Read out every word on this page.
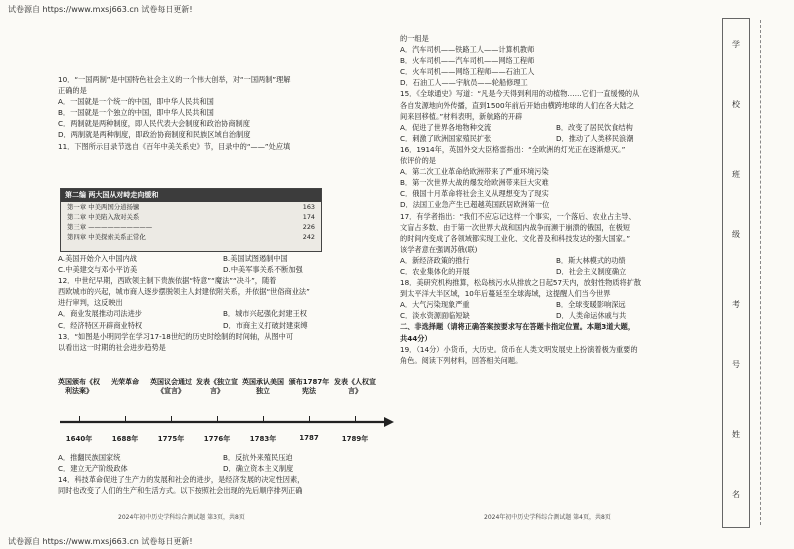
试卷源自 https://www.mxsj663.cn 试卷每日更新!
试卷源自 https://www.mxsj663.cn 试卷每日更新!

10．“一国两制”是中国特色社会主义的一个伟大创举，对“一国两制”理解

正确的是

A．一国就是一个统一的中国，即中华人民共和国

B．一国就是一个独立的中国，即中华人民共和国

C．两制就是两种制度，即人民代表大会制度和政治协商制度

D．两制就是两种制度，即政治协商制度和民族区域自治制度

11．下图所示目录节选自《百年中美关系史》节，目录中的“——”处应填

第二编 两大国从对峙走向缓和
第一章 中美两国分道扬镳	163
第二章 中美陷入敌对关系	174
第三章 ——————————	226
第四章 中美探索关系正常化	242

A.美国开始介入中国内战	B.美国试图遏制中国

C.中美建交与邓小平访美	D.中美军事关系不断加强

12．中世纪早期，西欧领主制下贵族依据“特意”“魔法”“决斗”，随着

西欧城市的兴起，城市商人逐步摆脱领主人封建依附关系，并依据“世俗商业法”

进行审判，这反映出

A．商业发展推动司法进步	B．城市兴起强化封建王权

C．经济特区开辟商业特权	D．市商主义打破封建束缚

13．“如图是小明同学在学习17-18世纪的历史时绘制的时间轴，从图中可

以看出这一时期的社会进步趋势是

英国颁布《权利法案》
光荣革命	英国议会通过《宣言》
发表《独立宣言》
英国承认美国独立
颁布1787年宪法
发表《人权宣言》
1640年	1688年	1775年	1776年	1783年	1787	1789年

A．推翻民族国家统	B．反抗外来殖民压迫

C．建立无产阶级政体	D．确立资本主义制度

14．科技革命促进了生产力的发展和社会的进步，是经济发展的决定性因素，

同时也改变了人们的生产和生活方式。以下按照社会出现的先后顺序排列正确

2024年初中历史学科综合测试题 第3页，共8页

的一组是

A．汽车司机——铁路工人——计算机教师

B．火车司机——汽车司机——网络工程师

C．火车司机——网络工程师——石油工人

D．石油工人——宇航员——轮船修理工

15．《全球通史》写道：“凡是今天得到利用的动植物……它们一直缓慢的从

各自发源地向外传播，直到1500年前后开始由横跨地球的人们在各大陆之

间来回移植。”材料表明，新航路的开辟

A．促进了世界各地物种交流	B．改变了居民饮食结构

C．刺激了欧洲国家殖民扩张	D．推动了人类移民浪潮

16．1914年，英国外交大臣格雷指出：“全欧洲的灯光正在逐渐熄灭。”

依评价的是

A．第二次工业革命给欧洲带来了严重环境污染

B．第一次世界大战的爆发给欧洲带来巨大灾难

C．俄国十月革命将社会主义从理想变为了现实

D．法国工业急产生已超越英国跃居欧洲第一位

17．有学者指出：“我们不应忘记这样一个事实，一个落后、农业占主导、

文盲占多数、由于第一次世界大战和国内战争而濒于崩溃的俄国，在极短

的时间内变成了各领域都实现工业化、文化普及和科技发达的强大国家。”

该学者意在强调苏俄(联)

A．新经济政策的推行	B．斯大林模式的功绩

C．农业集体化的开展	D．社会主义制度确立

18．美研究机构推算，松岛核污水从排放之日起57天内，放射性物质将扩散

到太平洋大半区域，10年后蔓延至全球海域，这提醒人们当今世界

A．大气污染现象严重	B．全球变暖影响深远

C．淡水资源面临短缺	D．人类命运休戚与共

二、非选择题（请将正确答案按要求写在答题卡指定位置。本题3道大题，

共44分）

19．（14分）小货币，大历史。货币在人类文明发展史上扮演着极为重要的

角色。阅读下列材料，回答相关问题。

2024年初中历史学科综合测试题 第4页，共8页
学
校
班
级
考
号
姓
名
